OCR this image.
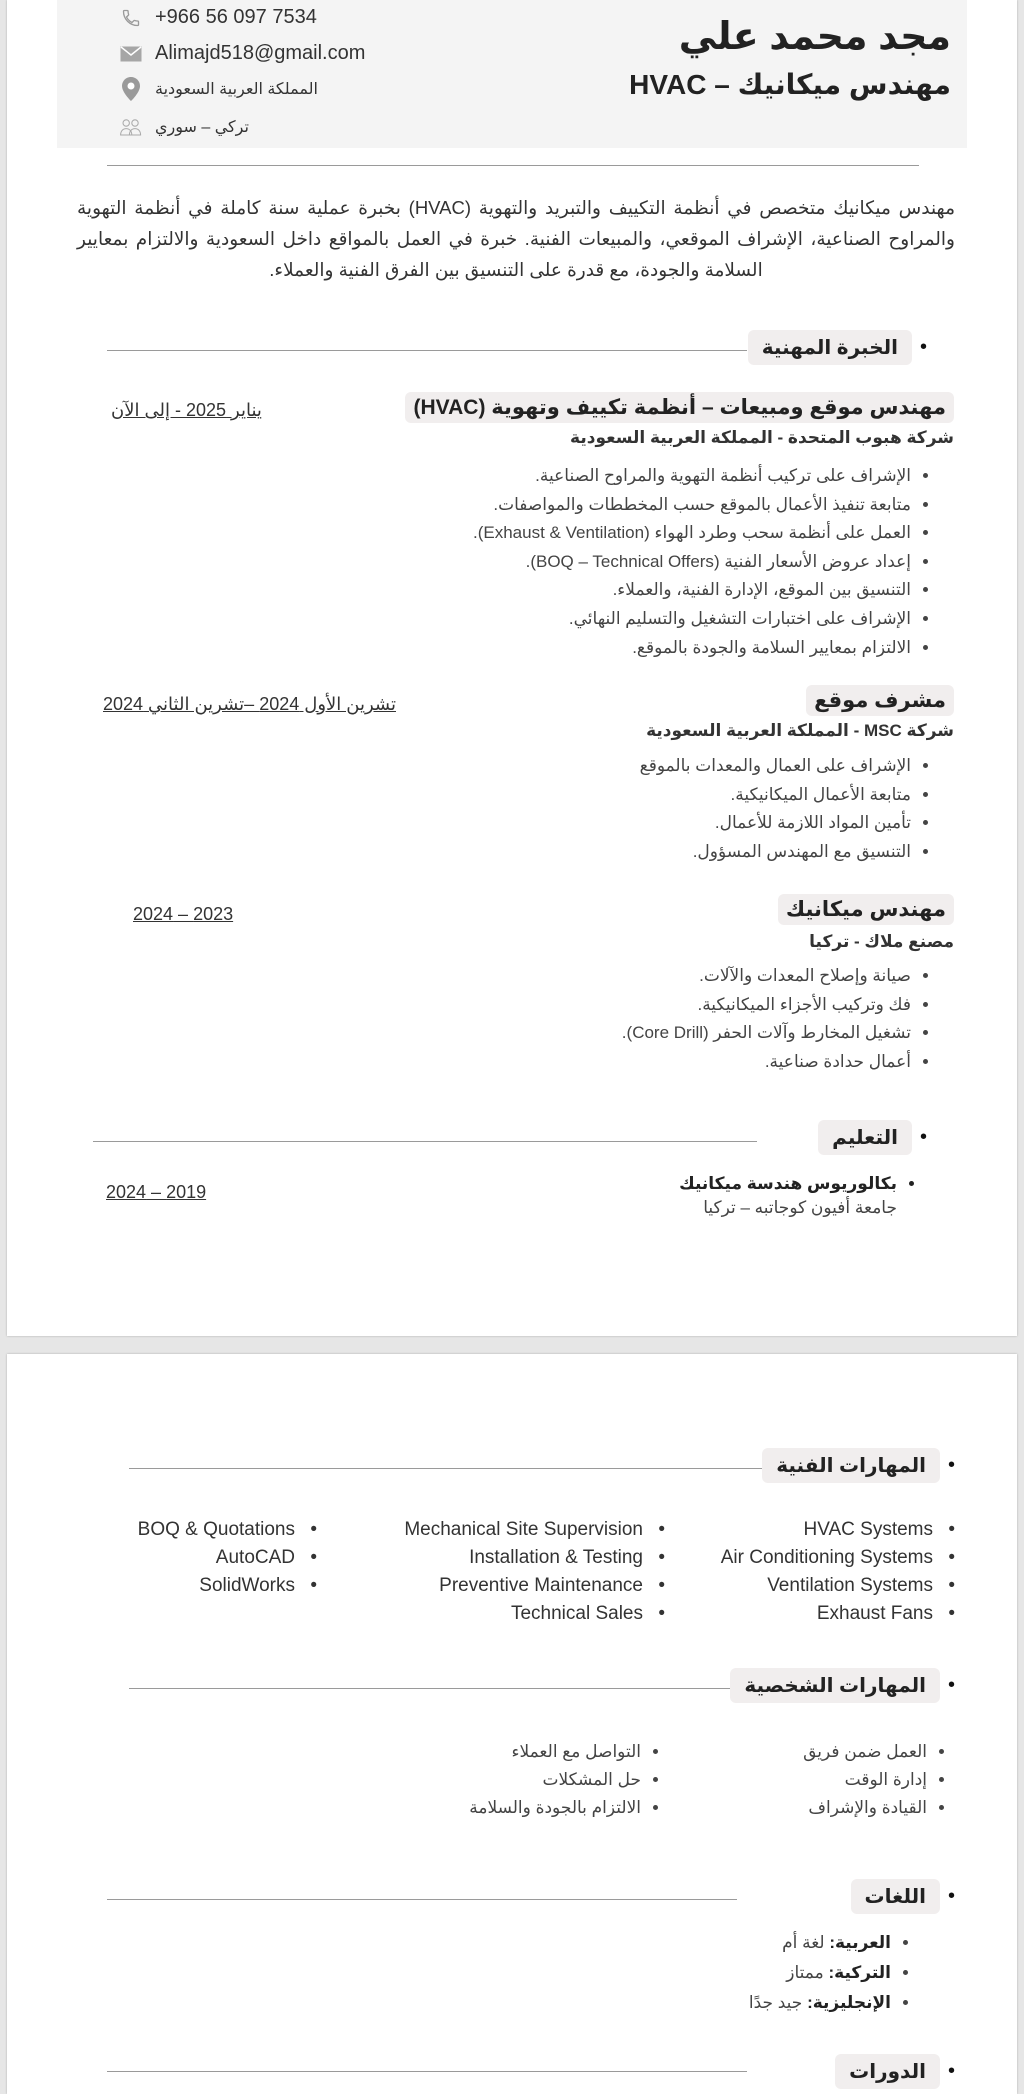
مجد محمد علي
مهندس ميكانيك – HVAC
+966 56 097 7534
Alimajd518@gmail.com
المملكة العربية السعودية
تركي – سوري
مهندس ميكانيك متخصص في أنظمة التكييف والتبريد والتهوية (HVAC) بخبرة عملية سنة كاملة في أنظمة التهوية والمراوح الصناعية، الإشراف الموقعي، والمبيعات الفنية. خبرة في العمل بالمواقع داخل السعودية والالتزام بمعايير السلامة والجودة، مع قدرة على التنسيق بين الفرق الفنية والعملاء.
•
الخبرة المهنية
مهندس موقع ومبيعات – أنظمة تكييف وتهوية (HVAC)
شركة هبوب المتحدة - المملكة العربية السعودية
يناير 2025 - إلى الآن
• الإشراف على تركيب أنظمة التهوية والمراوح الصناعية.
• متابعة تنفيذ الأعمال بالموقع حسب المخططات والمواصفات.
• العمل على أنظمة سحب وطرد الهواء (Exhaust & Ventilation).
• إعداد عروض الأسعار الفنية (BOQ – Technical Offers).
• التنسيق بين الموقع، الإدارة الفنية، والعملاء.
• الإشراف على اختبارات التشغيل والتسليم النهائي.
• الالتزام بمعايير السلامة والجودة بالموقع.
مشرف موقع
شركة MSC - المملكة العربية السعودية
تشرين الأول 2024 –تشرين الثاني 2024
• الإشراف على العمال والمعدات بالموقع
• متابعة الأعمال الميكانيكية.
• تأمين المواد اللازمة للأعمال.
• التنسيق مع المهندس المسؤول.
مهندس ميكانيك
مصنع ملاك - تركيا
2023 – 2024
• صيانة وإصلاح المعدات والآلات.
• فك وتركيب الأجزاء الميكانيكية.
• تشغيل المخارط وآلات الحفر (Core Drill).
• أعمال حدادة صناعية.
•
التعليم
• بكالوريوس هندسة ميكانيك
جامعة أفيون كوجاتبه – تركيا
2019 – 2024
•
المهارات الفنية
HVAC Systems •
Air Conditioning Systems •
Ventilation Systems •
Exhaust Fans •
Mechanical Site Supervision •
Installation & Testing •
Preventive Maintenance •
Technical Sales •
BOQ & Quotations •
AutoCAD •
SolidWorks •
•
المهارات الشخصية
• العمل ضمن فريق
• إدارة الوقت
• القيادة والإشراف
• التواصل مع العملاء
• حل المشكلات
• الالتزام بالجودة والسلامة
•
اللغات
• العربية: لغة أم
• التركية: ممتاز
• الإنجليزية: جيد جدًا
•
الدورات
